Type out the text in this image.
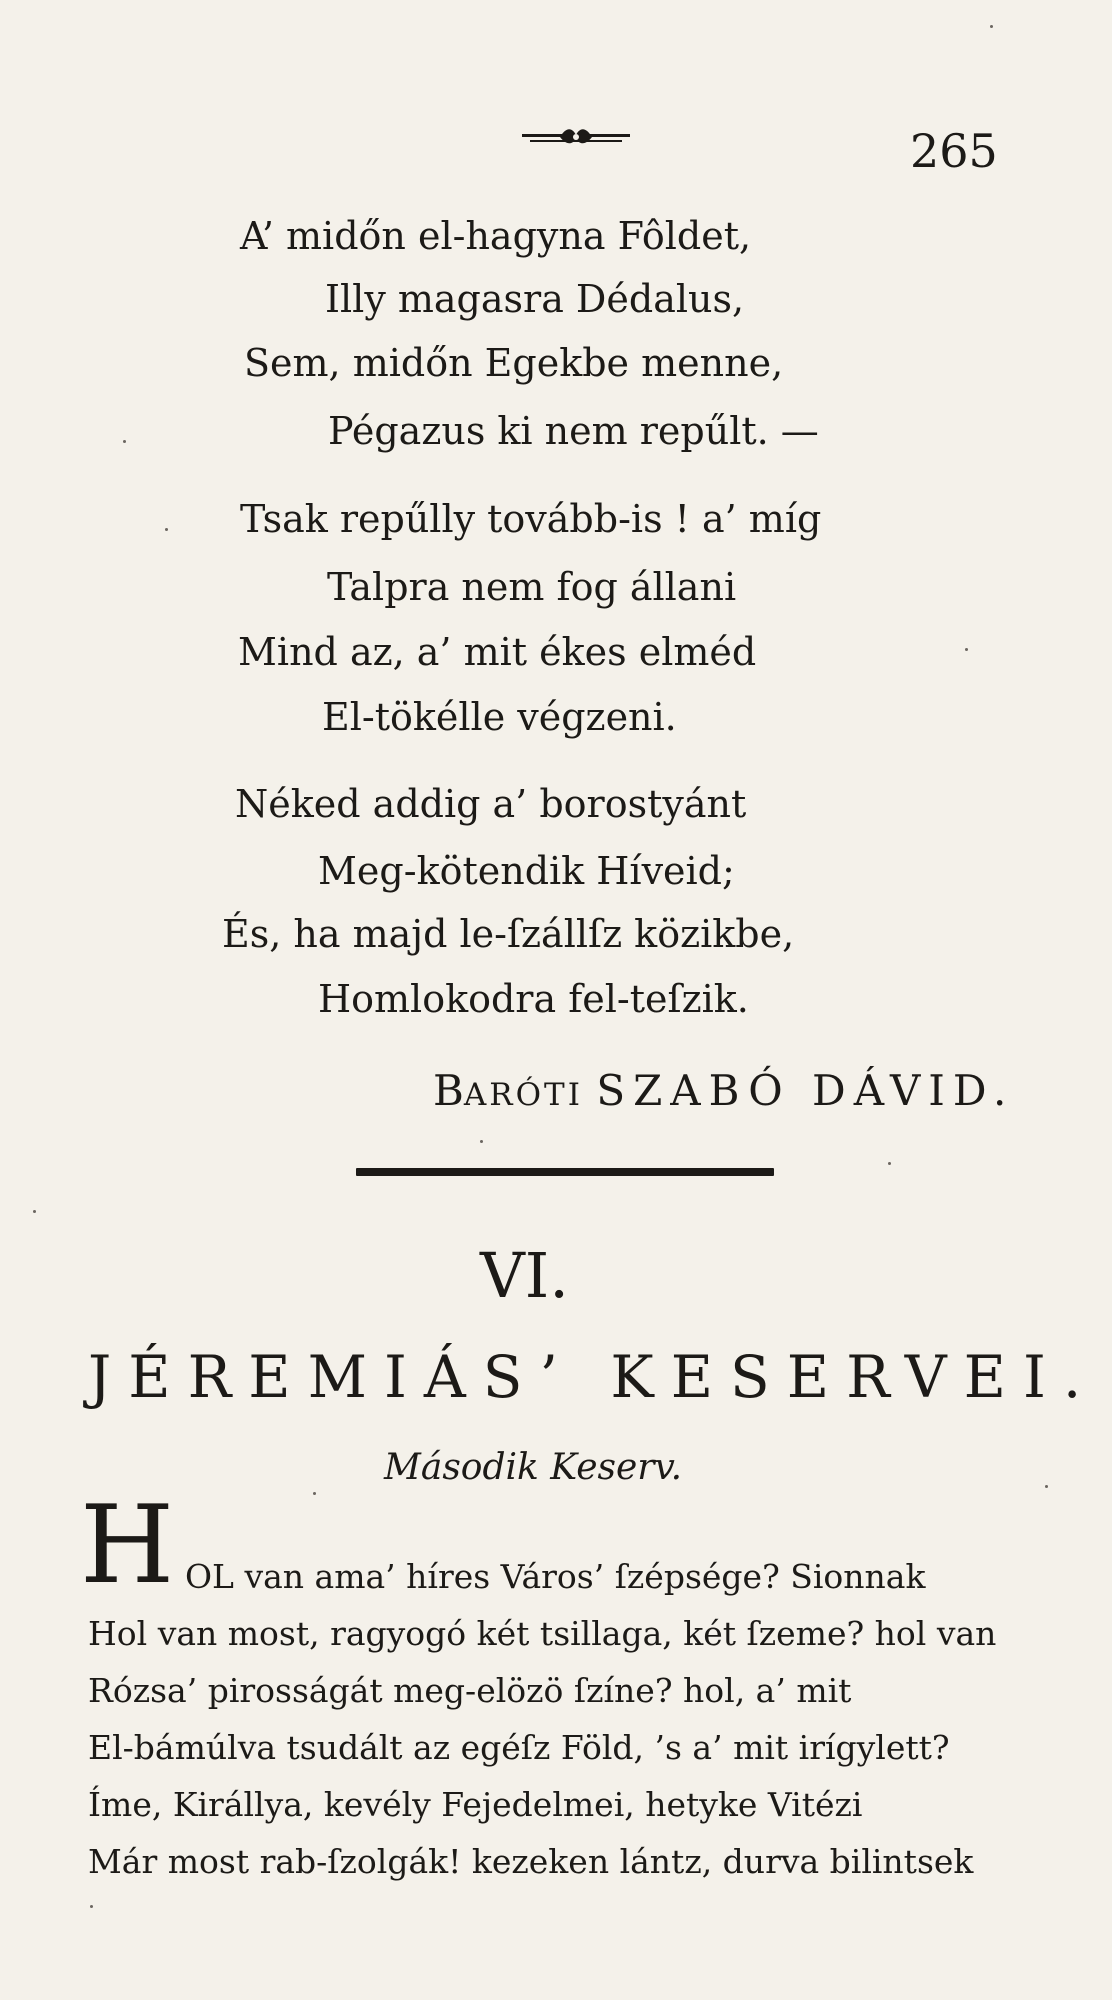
265
A’ midőn el-hagyna Fôldet,
Illy magasra Dédalus,
Sem, midőn Egekbe menne,
Pégazus ki nem repűlt. —
Tsak repűlly tovább-is ! a’ míg
Talpra nem fog állani
Mind az, a’ mit ékes elméd
El-tökélle végzeni.
Néked addig a’ borostyánt
Meg-kötendik Híveid;
És, ha majd le-ſzállſz közikbe,
Homlokodra fel-teſzik.
BARÓTI SZABÓ DÁVID.
VI.
JÉREMIÁS’ KESERVEI.
Második Keserv.
H OL van ama’ híres Város’ ſzépsége? Sionnak
Hol van most, ragyogó két tsillaga, két ſzeme? hol van
Rózsa’ pirosságát meg-elözö ſzíne? hol, a’ mit
El-bámúlva tsudált az egéſz Föld, ’s a’ mit irígylett?
Íme, Királlya, kevély Fejedelmei, hetyke Vitézi
Már most rab-ſzolgák! kezeken lántz, durva bilintsek
